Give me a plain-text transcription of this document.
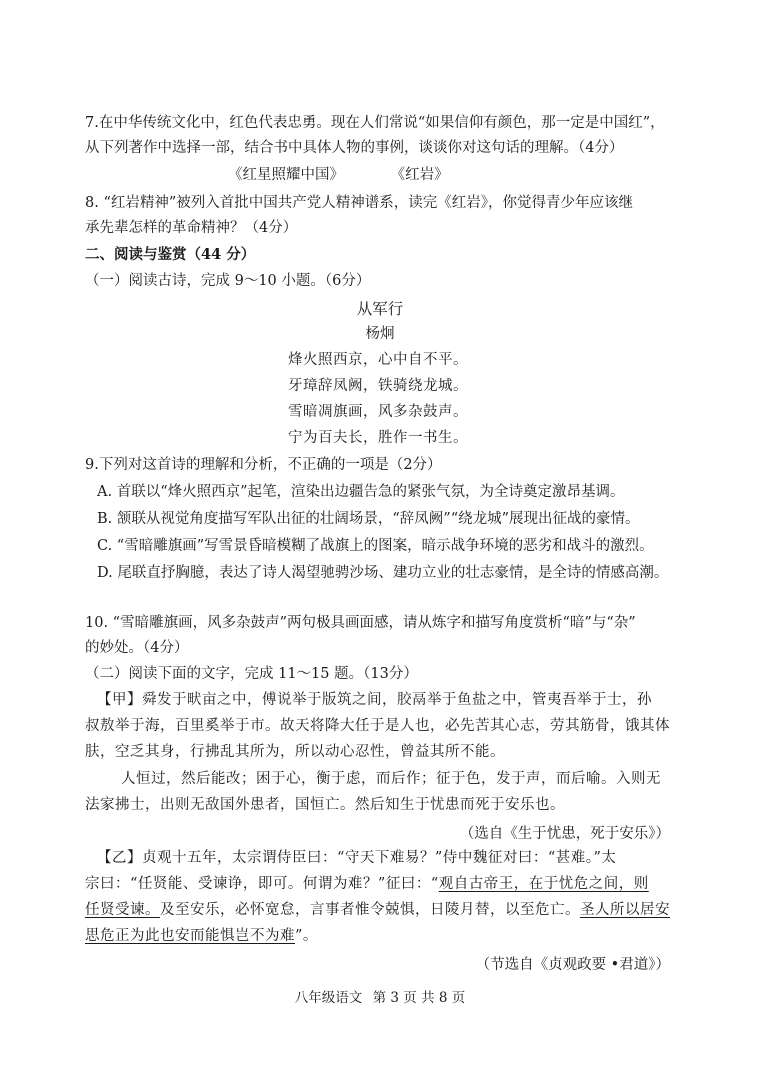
7.在中华传统文化中，红色代表忠勇。现在人们常说“如果信仰有颜色，那一定是中国红”，
从下列著作中选择一部，结合书中具体人物的事例，谈谈你对这句话的理解。（4分）
《红星照耀中国》	《红岩》
8. “红岩精神”被列入首批中国共产党人精神谱系，读完《红岩》，你觉得青少年应该继
承先辈怎样的革命精神？（4分）
二、阅读与鉴赏（44 分）
（一）阅读古诗，完成 9～10 小题。（6分）
从军行
杨炯
烽火照西京，心中自不平。
牙璋辞凤阙，铁骑绕龙城。
雪暗凋旗画，风多杂鼓声。
宁为百夫长，胜作一书生。
9.下列对这首诗的理解和分析，不正确的一项是（2分）
A. 首联以“烽火照西京”起笔，渲染出边疆告急的紧张气氛，为全诗奠定激昂基调。
B. 颔联从视觉角度描写军队出征的壮阔场景，“辞凤阙”“绕龙城”展现出征战的豪情。
C. “雪暗雕旗画”写雪景昏暗模糊了战旗上的图案，暗示战争环境的恶劣和战斗的激烈。
D. 尾联直抒胸臆，表达了诗人渴望驰骋沙场、建功立业的壮志豪情，是全诗的情感高潮。
10. “雪暗雕旗画，风多杂鼓声”两句极具画面感，请从炼字和描写角度赏析“暗”与“杂”
的妙处。（4分）
（二）阅读下面的文字，完成 11～15 题。（13分）
【甲】舜发于畎亩之中，傅说举于版筑之间，胶鬲举于鱼盐之中，管夷吾举于士，孙
叔敖举于海，百里奚举于市。故天将降大任于是人也，必先苦其心志，劳其筋骨，饿其体
肤，空乏其身，行拂乱其所为，所以动心忍性，曾益其所不能。
人恒过，然后能改；困于心，衡于虑，而后作；征于色，发于声，而后喻。入则无
法家拂士，出则无敌国外患者，国恒亡。然后知生于忧患而死于安乐也。
（选自《生于忧患，死于安乐》）
【乙】贞观十五年，太宗谓侍臣曰：“守天下难易？”侍中魏征对曰：“甚难。”太
宗曰：“任贤能、受谏诤，即可。何谓为难？”征曰：“观自古帝王，在于忧危之间，则
任贤受谏。及至安乐，必怀宽怠，言事者惟令兢惧，日陵月替，以至危亡。圣人所以居安
思危正为此也安而能惧岂不为难”。
（节选自《贞观政要 •君道》）
八年级语文 第 3 页 共 8 页
